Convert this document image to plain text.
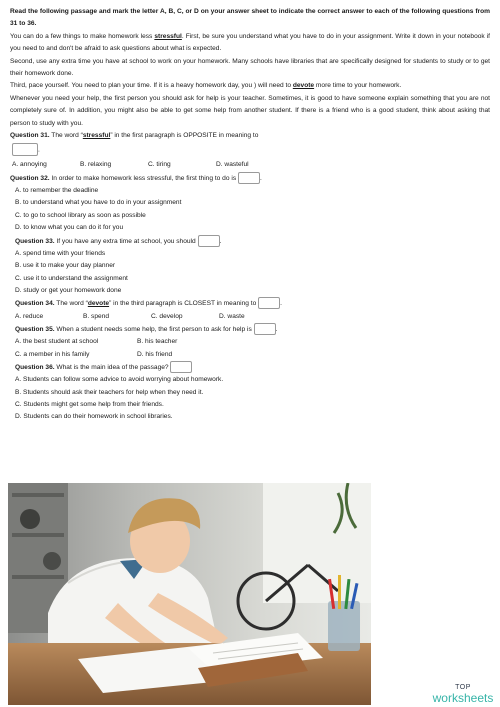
Read the following passage and mark the letter A, B, C, or D on your answer sheet to indicate the correct answer to each of the following questions from 31 to 36.

You can do a few things to make homework less stressful. First, be sure you understand what you have to do in your assignment. Write it down in your notebook if you need to and don't be afraid to ask questions about what is expected.

Second, use any extra time you have at school to work on your homework. Many schools have libraries that are specifically designed for students to study or to get their homework done.

Third, pace yourself. You need to plan your time. If it is a heavy homework day, you ) will need to devote more time to your homework.

Whenever you need your help, the first person you should ask for help is your teacher. Sometimes, it is good to have someone explain something that you are not completely sure of. In addition, you might also be able to get some help from another student. If there is a friend who is a good student, think about asking that person to study with you.

Question 31. The word “stressful” in the first paragraph is OPPOSITE in meaning to

.
A. annoying	B. relaxing	C. tiring	D. wasteful

Question 32. In order to make homework less stressful, the first thing to do is	.

A. to remember the deadline

B. to understand what you have to do in your assignment

C. to go to school library as soon as possible

D. to know what you can do it for you

Question 33. If you have any extra time at school, you should	.

A. spend time with your friends

B. use it to make your day planner

C. use it to understand the assignment

D. study or get your homework done

Question 34. The word “devote” in the third paragraph is CLOSEST in meaning to	.

A. reduce	B. spend	C. develop	D. waste

Question 35. When a student needs some help, the first person to ask for help is	.

A. the best student at school	B. his teacher
C. a member in his family	D. his friend

Question 36. What is the main idea of the passage?

A. Students can follow some advice to avoid worrying about homework.

B. Students should ask their teachers for help when they need it.

C. Students might get some help from their friends.

D. Students can do their homework in school libraries.

TOP
worksheets
